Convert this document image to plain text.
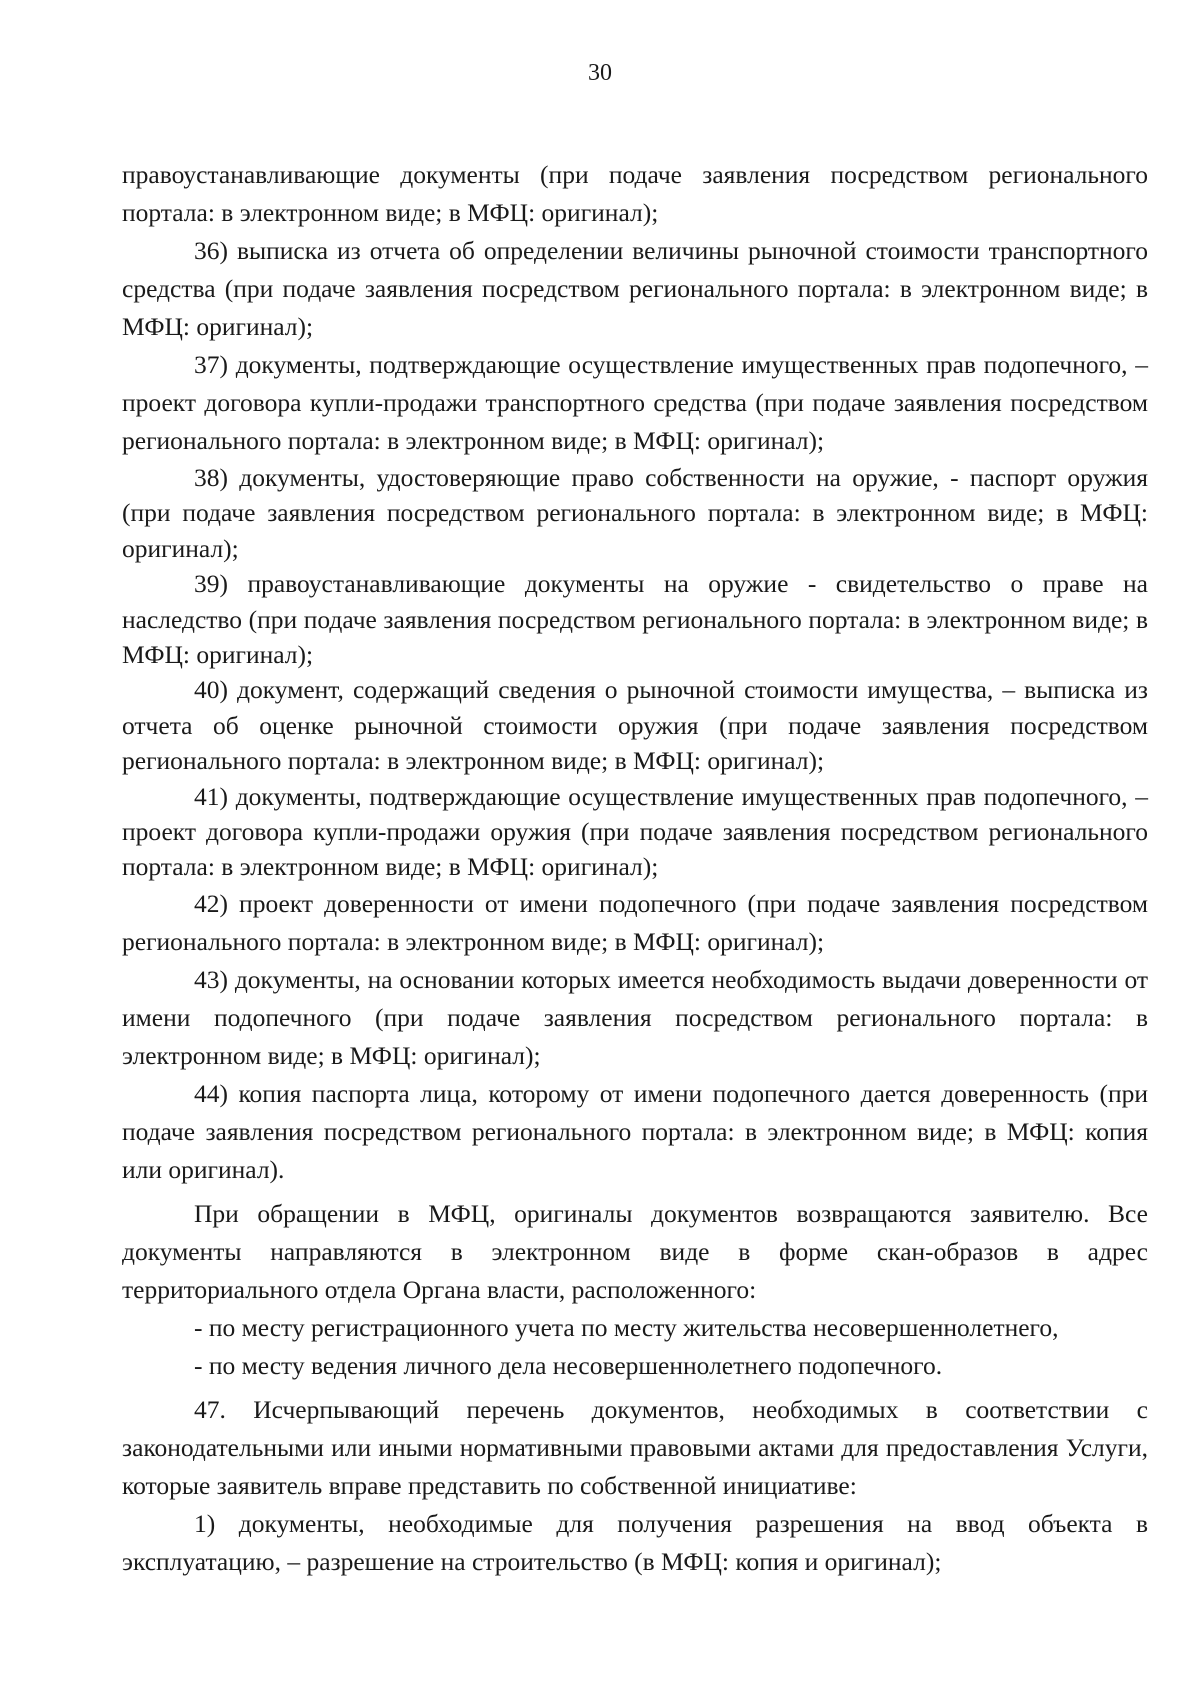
30

правоустанавливающие документы (при подаче заявления посредством регионального портала: в электронном виде; в МФЦ: оригинал);

36) выписка из отчета об определении величины рыночной стоимости транспортного средства (при подаче заявления посредством регионального портала: в электронном виде; в МФЦ: оригинал);

37) документы, подтверждающие осуществление имущественных прав подопечного, – проект договора купли-продажи транспортного средства (при подаче заявления посредством регионального портала: в электронном виде; в МФЦ: оригинал);

38) документы, удостоверяющие право собственности на оружие, - паспорт оружия (при подаче заявления посредством регионального портала: в электронном виде; в МФЦ: оригинал);

39) правоустанавливающие документы на оружие - свидетельство о праве на наследство (при подаче заявления посредством регионального портала: в электронном виде; в МФЦ: оригинал);

40) документ, содержащий сведения о рыночной стоимости имущества, – выписка из отчета об оценке рыночной стоимости оружия (при подаче заявления посредством регионального портала: в электронном виде; в МФЦ: оригинал);

41) документы, подтверждающие осуществление имущественных прав подопечного, – проект договора купли-продажи оружия (при подаче заявления посредством регионального портала: в электронном виде; в МФЦ: оригинал);

42) проект доверенности от имени подопечного (при подаче заявления посредством регионального портала: в электронном виде; в МФЦ: оригинал);

43) документы, на основании которых имеется необходимость выдачи доверенности от имени подопечного (при подаче заявления посредством регионального портала: в электронном виде; в МФЦ: оригинал);

44) копия паспорта лица, которому от имени подопечного дается доверенность (при подаче заявления посредством регионального портала: в электронном виде; в МФЦ: копия или оригинал).

При обращении в МФЦ, оригиналы документов возвращаются заявителю. Все документы направляются в электронном виде в форме скан-образов в адрес территориального отдела Органа власти, расположенного:

- по месту регистрационного учета по месту жительства несовершеннолетнего,

- по месту ведения личного дела несовершеннолетнего подопечного.

47. Исчерпывающий перечень документов, необходимых в соответствии с законодательными или иными нормативными правовыми актами для предоставления Услуги, которые заявитель вправе представить по собственной инициативе:

1) документы, необходимые для получения разрешения на ввод объекта в эксплуатацию, – разрешение на строительство (в МФЦ: копия и оригинал);
